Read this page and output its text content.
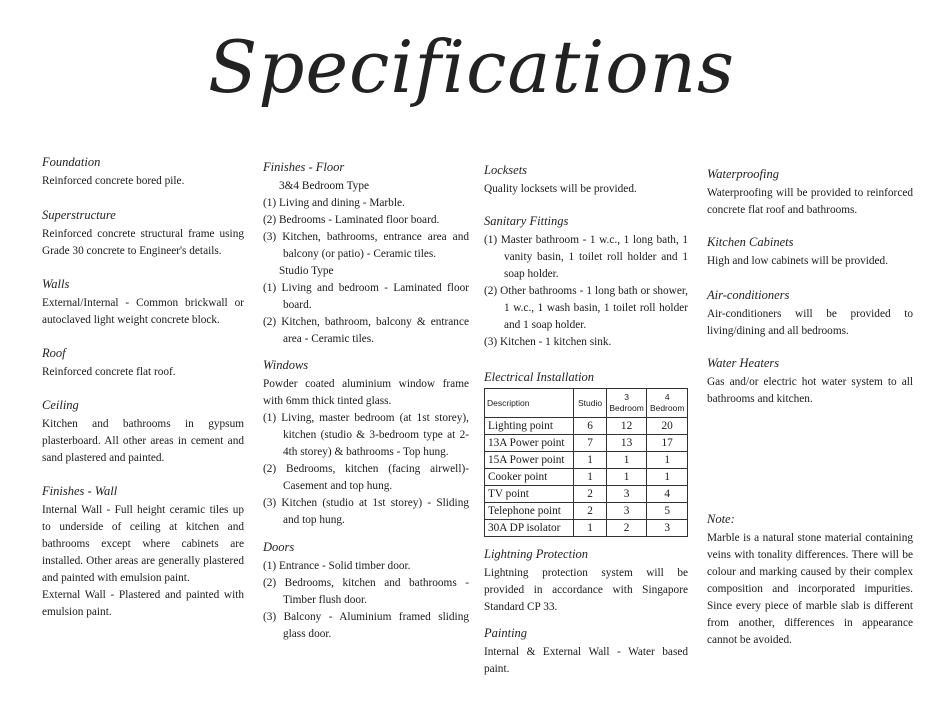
Specifications
Foundation
Reinforced concrete bored pile.
Superstructure
Reinforced concrete structural frame using Grade 30 concrete to Engineer's details.
Walls
External/Internal - Common brickwall or autoclaved light weight concrete block.
Roof
Reinforced concrete flat roof.
Ceiling
Kitchen and bathrooms in gypsum plasterboard. All other areas in cement and sand plastered and painted.
Finishes - Wall
Internal Wall - Full height ceramic tiles up to underside of ceiling at kitchen and bathrooms except where cabinets are installed. Other areas are generally plastered and painted with emulsion paint.
External Wall - Plastered and painted with emulsion paint.
Finishes - Floor
3&4 Bedroom Type
(1) Living and dining - Marble.
(2) Bedrooms - Laminated floor board.
(3) Kitchen, bathrooms, entrance area and balcony (or patio) - Ceramic tiles.
Studio Type
(1) Living and bedroom - Laminated floor board.
(2) Kitchen, bathroom, balcony & entrance area - Ceramic tiles.
Windows
Powder coated aluminium window frame with 6mm thick tinted glass.
(1) Living, master bedroom (at 1st storey), kitchen (studio & 3-bedroom type at 2-4th storey) & bathrooms - Top hung.
(2) Bedrooms, kitchen (facing airwell)- Casement and top hung.
(3) Kitchen (studio at 1st storey) - Sliding and top hung.
Doors
(1) Entrance - Solid timber door.
(2) Bedrooms, kitchen and bathrooms - Timber flush door.
(3) Balcony - Aluminium framed sliding glass door.
Locksets
Quality locksets will be provided.
Sanitary Fittings
(1) Master bathroom - 1 w.c., 1 long bath, 1 vanity basin, 1 toilet roll holder and 1 soap holder.
(2) Other bathrooms - 1 long bath or shower, 1 w.c., 1 wash basin, 1 toilet roll holder and 1 soap holder.
(3) Kitchen - 1 kitchen sink.
Electrical Installation
Description	Studio	3 Bedroom	4 Bedroom
Lighting point	6	12	20
13A Power point	7	13	17
15A Power point	1	1	1
Cooker point	1	1	1
TV point	2	3	4
Telephone point	2	3	5
30A DP isolator	1	2	3
Lightning Protection
Lightning protection system will be provided in accordance with Singapore Standard CP 33.
Painting
Internal & External Wall - Water based paint.
Waterproofing
Waterproofing will be provided to reinforced concrete flat roof and bathrooms.
Kitchen Cabinets
High and low cabinets will be provided.
Air-conditioners
Air-conditioners will be provided to living/dining and all bedrooms.
Water Heaters
Gas and/or electric hot water system to all bathrooms and kitchen.
Note:
Marble is a natural stone material containing veins with tonality differences. There will be colour and marking caused by their complex composition and incorporated impurities. Since every piece of marble slab is different from another, differences in appearance cannot be avoided.
